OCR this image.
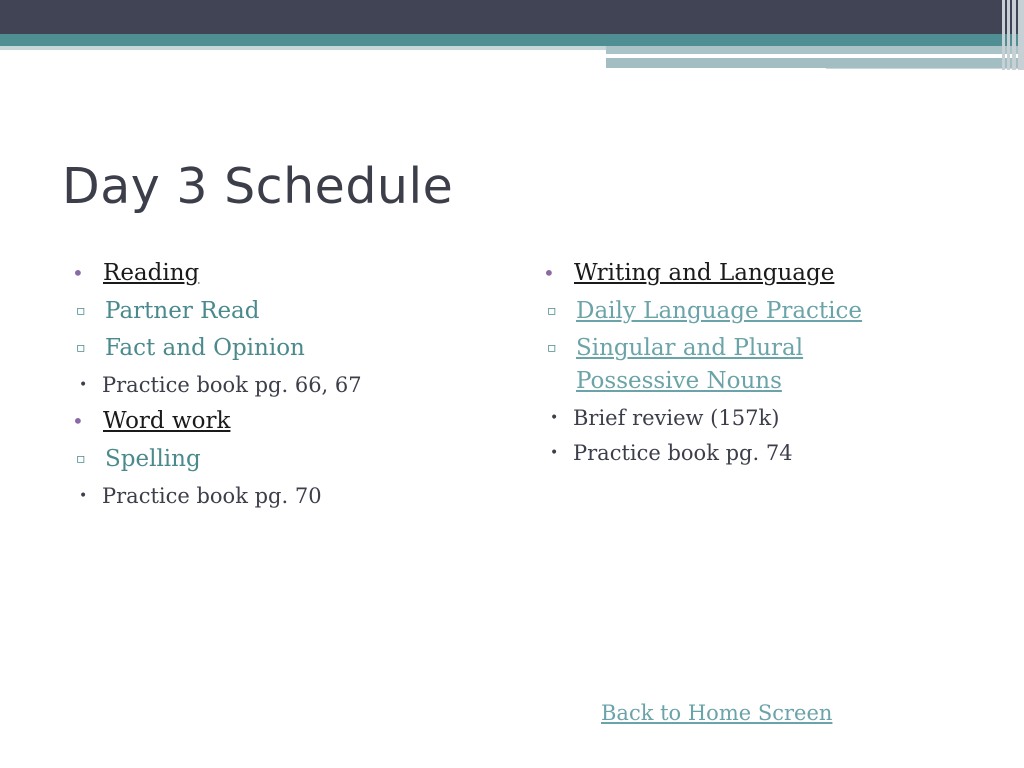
Day 3 Schedule
• Reading
▫ Partner Read
▫ Fact and Opinion
• Practice book pg. 66, 67
• Word work
▫ Spelling
• Practice book pg. 70
• Writing and Language
▫ Daily Language Practice
▫ Singular and Plural
Possessive Nouns
• Brief review (157k)
• Practice book pg. 74
Back to Home Screen
